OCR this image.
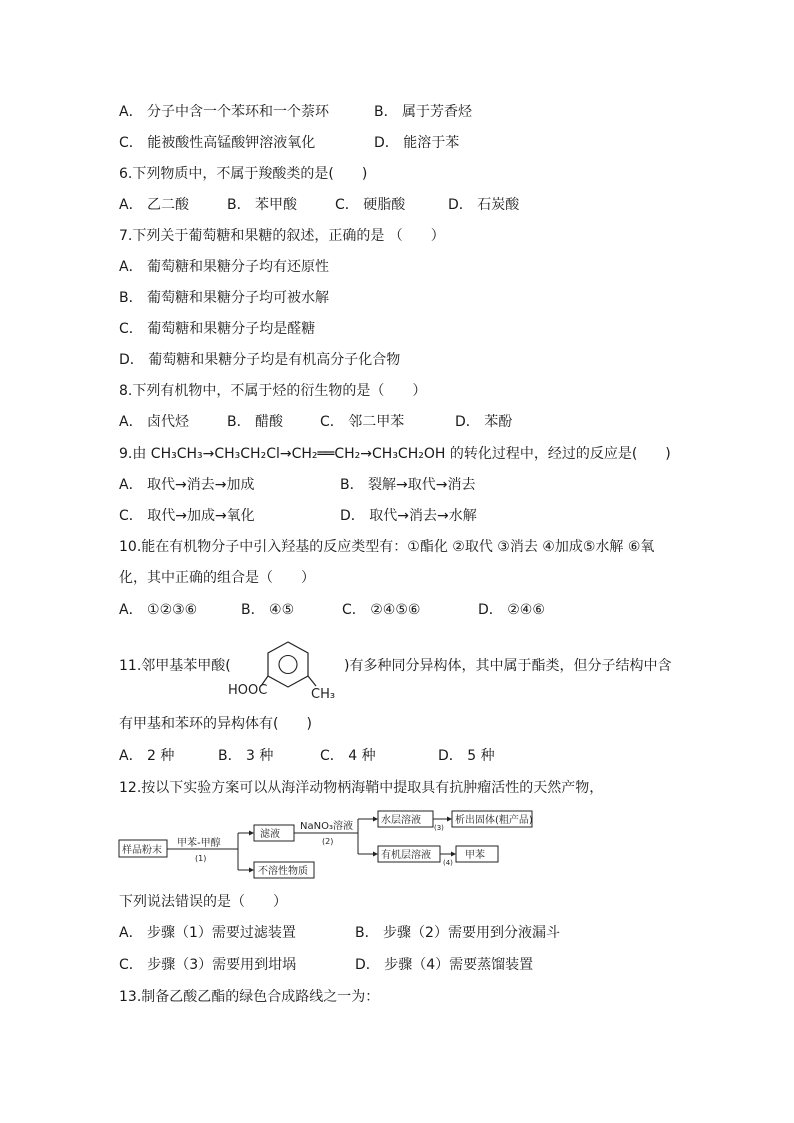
A． 分子中含一个苯环和一个萘环	B． 属于芳香烃
C． 能被酸性高锰酸钾溶液氧化	D． 能溶于苯
6.下列物质中，不属于羧酸类的是(　　)
A． 乙二酸	B． 苯甲酸	C． 硬脂酸	D． 石炭酸
7.下列关于葡萄糖和果糖的叙述，正确的是 （　　）
A． 葡萄糖和果糖分子均有还原性
B． 葡萄糖和果糖分子均可被水解
C． 葡萄糖和果糖分子均是醛糖
D． 葡萄糖和果糖分子均是有机高分子化合物
8.下列有机物中，不属于烃的衍生物的是（　　）
A． 卤代烃	B． 醋酸	C． 邻二甲苯	D． 苯酚
9.由 CH₃CH₃→CH₃CH₂Cl→CH₂══CH₂→CH₃CH₂OH 的转化过程中，经过的反应是(　　)
A． 取代→消去→加成	B． 裂解→取代→消去
C． 取代→加成→氧化	D． 取代→消去→水解
10.能在有机物分子中引入羟基的反应类型有：①酯化 ②取代 ③消去 ④加成⑤水解 ⑥氧
化，其中正确的组合是（　　）
A． ①②③⑥	B． ④⑤	C． ②④⑤⑥	D． ②④⑥
11.邻甲基苯甲酸(
HOOC	CH₃
)有多种同分异构体，其中属于酯类，但分子结构中含
有甲基和苯环的异构体有(　　)
A． 2 种	B． 3 种	C． 4 种	D． 5 种
12.按以下实验方案可以从海洋动物柄海鞘中提取具有抗肿瘤活性的天然产物，
样品粉末
甲苯-甲醇
(1)
滤液
不溶性物质
NaNO₃溶液
(2)
水层溶液
有机层溶液
(3)
(4)
析出固体(粗产品)
甲苯
下列说法错误的是（　　）
A． 步骤（1）需要过滤装置	B． 步骤（2）需要用到分液漏斗
C． 步骤（3）需要用到坩埚	D． 步骤（4）需要蒸馏装置
13.制备乙酸乙酯的绿色合成路线之一为：
